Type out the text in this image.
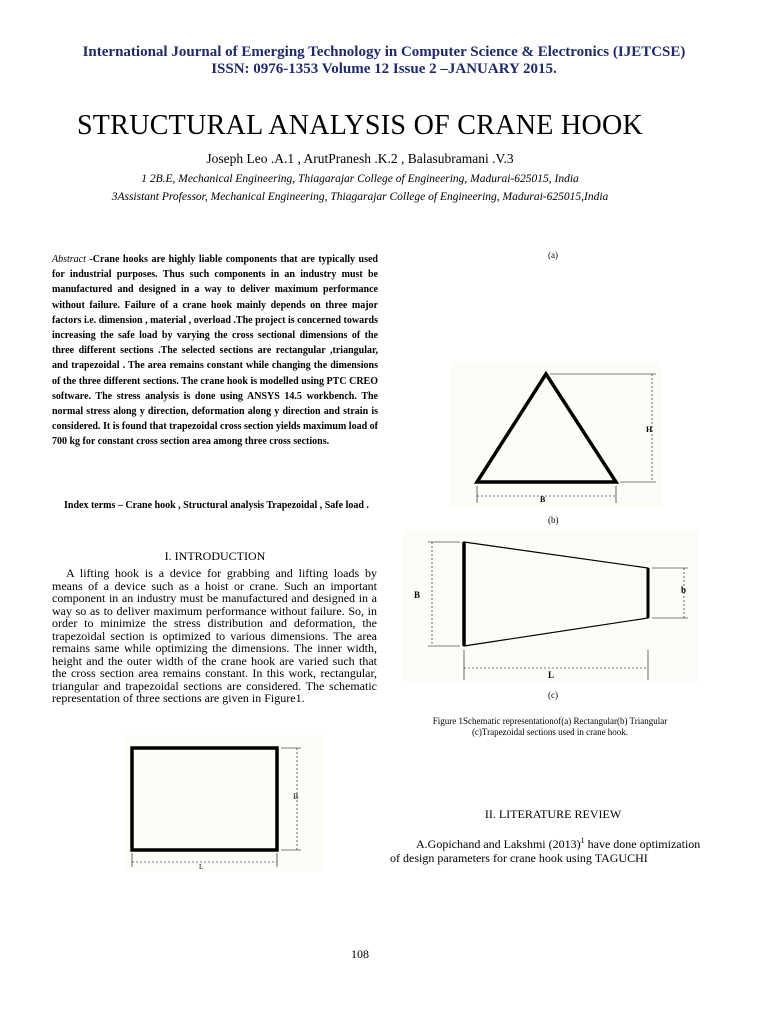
International Journal of Emerging Technology in Computer Science & Electronics (IJETCSE)
ISSN: 0976-1353 Volume 12 Issue 2 –JANUARY 2015.
STRUCTURAL ANALYSIS OF CRANE HOOK
Joseph Leo .A.1 , ArutPranesh .K.2 , Balasubramani .V.3
1 2B.E, Mechanical Engineering, Thiagarajar College of Engineering, Madurai-625015, India
3Assistant Professor, Mechanical Engineering, Thiagarajar College of Engineering, Madurai-625015,India
Abstract -Crane hooks are highly liable components that are typically used for industrial purposes. Thus such components in an industry must be manufactured and designed in a way to deliver maximum performance without failure. Failure of a crane hook mainly depends on three major factors i.e. dimension , material , overload .The project is concerned towards increasing the safe load by varying the cross sectional dimensions of the three different sections .The selected sections are rectangular ,triangular, and trapezoidal . The area remains constant while changing the dimensions of the three different sections. The crane hook is modelled using PTC CREO software. The stress analysis is done using ANSYS 14.5 workbench. The normal stress along y direction, deformation along y direction and strain is considered. It is found that trapezoidal cross section yields maximum load of 700 kg for constant cross section area among three cross sections.
Index terms – Crane hook , Structural analysis Trapezoidal , Safe load .
I. INTRODUCTION
A lifting hook is a device for grabbing and lifting loads by means of a device such as a hoist or crane. Such an important component in an industry must be manufactured and designed in a way so as to deliver maximum performance without failure. So, in order to minimize the stress distribution and deformation, the trapezoidal section is optimized to various dimensions. The area remains same while optimizing the dimensions. The inner width, height and the outer width of the crane hook are varied such that the cross section area remains constant. In this work, rectangular, triangular and trapezoidal sections are considered. The schematic representation of three sections are given in Figure1.
B
L
(a)
H
B
(b)
B	b
L
(c)
Figure 1Schematic representationof(a) Rectangular(b) Triangular
(c)Trapezoidal sections used in crane hook.
II. LITERATURE REVIEW
A.Gopichand and Lakshmi $(2013)^1$ have done optimization
of design parameters for crane hook using TAGUCHI
108
